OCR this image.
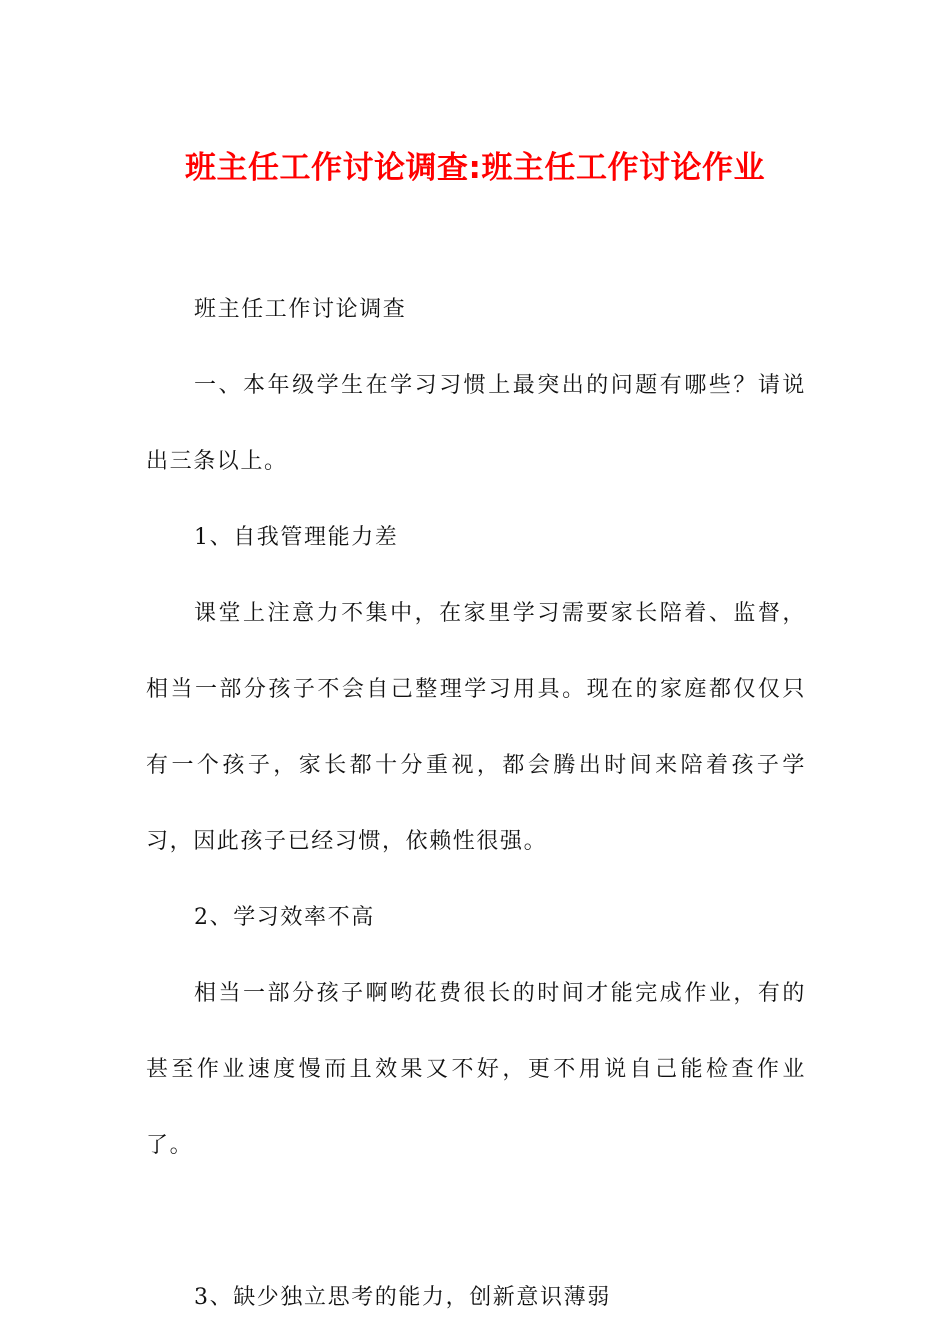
班主任工作讨论调查:班主任工作讨论作业

班主任工作讨论调查

一、本年级学生在学习习惯上最突出的问题有哪些？请说出三条以上。

1、自我管理能力差

课堂上注意力不集中，在家里学习需要家长陪着、监督，相当一部分孩子不会自己整理学习用具。现在的家庭都仅仅只有一个孩子，家长都十分重视，都会腾出时间来陪着孩子学习，因此孩子已经习惯，依赖性很强。

2、学习效率不高

相当一部分孩子啊哟花费很长的时间才能完成作业，有的甚至作业速度慢而且效果又不好，更不用说自己能检查作业了。

3、缺少独立思考的能力，创新意识薄弱
